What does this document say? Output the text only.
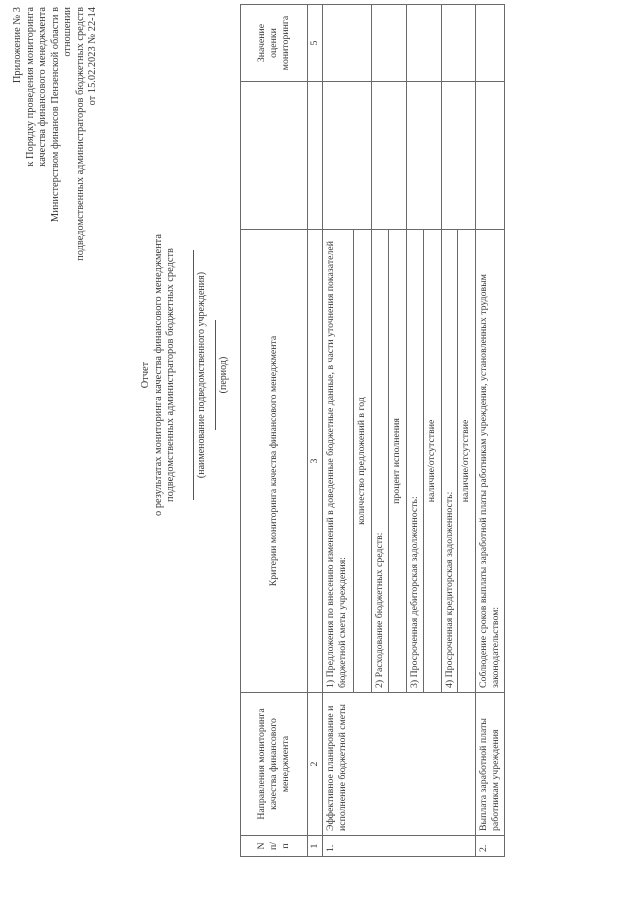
Приложение № 3 к Порядку проведения мониторинга качества финансового менеджмента Министерством финансов Пензенской области в отношении подведомственных администраторов бюджетных средств от 15.02.2023 № 22-14
Отчет о результатах мониторинга качества финансового менеджмента подведомственных администраторов бюджетных средств (наименование подведомственного учреждения) (период)
N п/п	Направления мониторинга качества финансового менеджмента	Критерии мониторинга качества финансового менеджмента		Значение оценки мониторинга
1	2	3		5
1.	Эффективное планирование и исполнение бюджетной сметы	1) Предложения по внесению изменений в доведенные бюджетные данные, в части уточнения показателей бюджетной сметы учреждения:		
		количество предложений в год		
		2) Расходование бюджетных средств:		
		процент исполнения		
		3) Просроченная дебиторская задолженность:		
		наличие/отсутствие		
		4) Просроченная кредиторская задолженность:		
		наличие/отсутствие		
2.	Выплата заработной платы работникам учреждения	Соблюдение сроков выплаты заработной платы работникам учреждения, установленных трудовым законодательством:		
